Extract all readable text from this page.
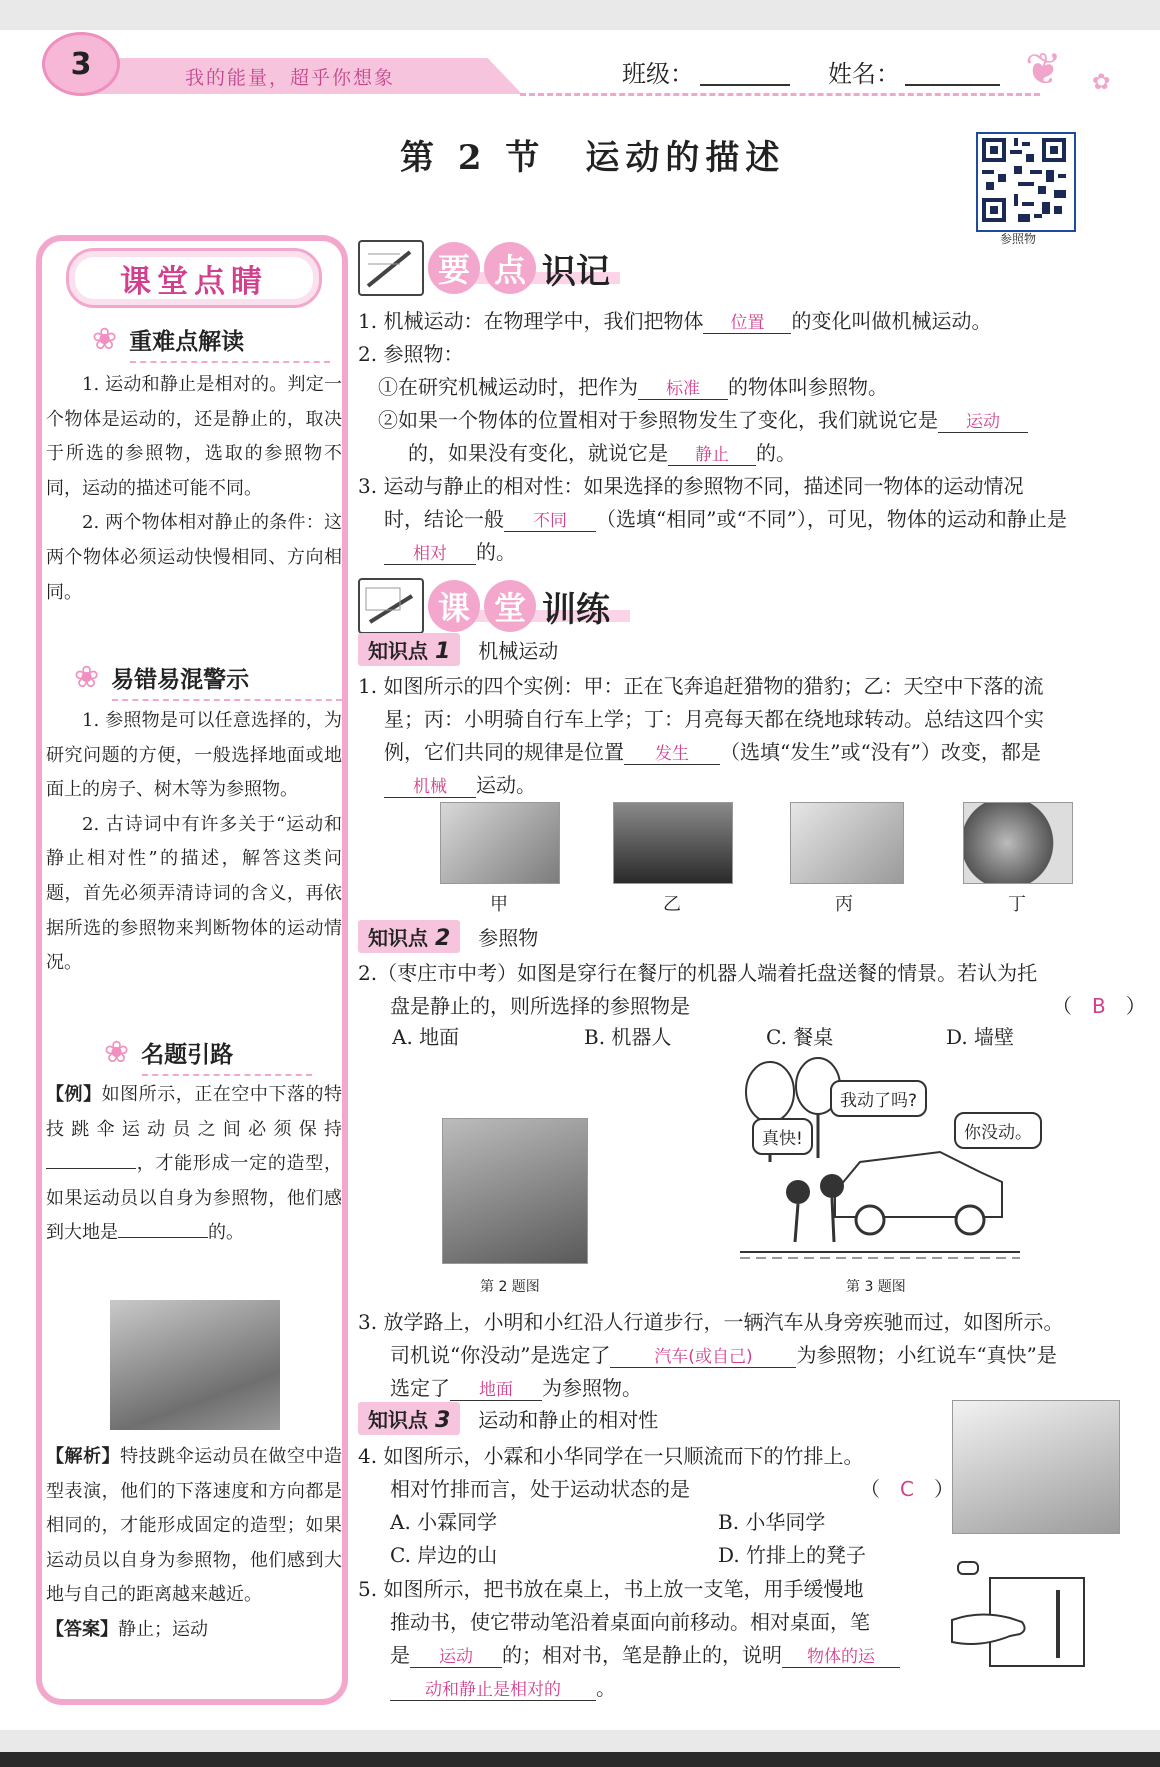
3	我的能量，超乎你想象	班级：	姓名：	❦ ✿
第 2 节　运动的描述
参照物
课堂点睛
❀ 重难点解读

1. 运动和静止是相对的。判定一个物体是运动的，还是静止的，取决于所选的参照物，选取的参照物不同，运动的描述可能不同。

2. 两个物体相对静止的条件：这两个物体必须运动快慢相同、方向相同。

❀ 易错易混警示

1. 参照物是可以任意选择的，为研究问题的方便，一般选择地面或地面上的房子、树木等为参照物。

2. 古诗词中有许多关于“运动和静止相对性”的描述，解答这类问题，首先必须弄清诗词的含义，再依据所选的参照物来判断物体的运动情况。

❀ 名题引路

【例】如图所示，正在空中下落的特技跳伞运动员之间必须保持，才能形成一定的造型，如果运动员以自身为参照物，他们感到大地是	的。

【解析】特技跳伞运动员在做空中造型表演，他们的下落速度和方向都是相同的，才能形成固定的造型；如果运动员以自身为参照物，他们感到大地与自己的距离越来越近。

【答案】静止；运动

要 点 识记
1. 机械运动：在物理学中，我们把物体 位置 的变化叫做机械运动。
2. 参照物：
①在研究机械运动时，把作为 标准 的物体叫参照物。
②如果一个物体的位置相对于参照物发生了变化，我们就说它是 运动
的，如果没有变化，就说它是 静止 的。
3. 运动与静止的相对性：如果选择的参照物不同，描述同一物体的运动情况
时，结论一般 不同 （选填“相同”或“不同”），可见，物体的运动和静止是
相对 的。
课 堂 训练
知识点 1	机械运动
1. 如图所示的四个实例：甲：正在飞奔追赶猎物的猎豹；乙：天空中下落的流
星；丙：小明骑自行车上学；丁：月亮每天都在绕地球转动。总结这四个实
例，它们共同的规律是位置 发生 （选填“发生”或“没有”）改变，都是
机械 运动。
甲	乙	丙	丁
知识点 2	参照物
2.（枣庄市中考）如图是穿行在餐厅的机器人端着托盘送餐的情景。若认为托
盘是静止的，则所选择的参照物是	（　B　）
A. 地面	B. 机器人	C. 餐桌	D. 墙壁
第 2 题图
我动了吗?
真快!	你没动。
第 3 题图
3. 放学路上，小明和小红沿人行道步行，一辆汽车从身旁疾驰而过，如图所示。
司机说“你没动”是选定了	汽车(或自己) 为参照物；小红说车“真快”是
选定了 地面 为参照物。
知识点 3	运动和静止的相对性
4. 如图所示，小霖和小华同学在一只顺流而下的竹排上。
相对竹排而言，处于运动状态的是	（　C　）
A. 小霖同学	B. 小华同学
C. 岸边的山	D. 竹排上的凳子
5. 如图所示，把书放在桌上，书上放一支笔，用手缓慢地
推动书，使它带动笔沿着桌面向前移动。相对桌面，笔
是 运动 的；相对书，笔是静止的，说明 物体的运
动和静止是相对的 。
